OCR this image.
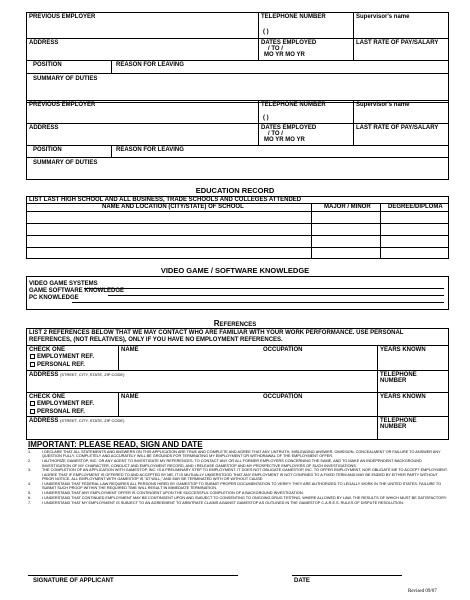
PREVIOUS EMPLOYER	TELEPHONE NUMBER
( )
Supervisor's name
ADDRESS	DATES EMPLOYED
/ TO /
MO YR MO YR
LAST RATE OF PAY/SALARY
POSITION	REASON FOR LEAVING
SUMMARY OF DUTIES
PREVIOUS EMPLOYER	TELEPHONE NUMBER
( )
Supervisor's name
ADDRESS	DATES EMPLOYED
/ TO /
MO YR MO YR
LAST RATE OF PAY/SALARY
POSITION	REASON FOR LEAVING
SUMMARY OF DUTIES
EDUCATION RECORD
LIST LAST HIGH SCHOOL AND ALL BUSINESS, TRADE SCHOOLS AND COLLEGES ATTENDED
NAME AND LOCATION (CITY/STATE) OF SCHOOL	MAJOR / MINOR	DEGREE/DIPLOMA
VIDEO GAME / SOFTWARE KNOWLEDGE
VIDEO GAME SYSTEMS
GAME SOFTWARE KNOWLEDGE
PC KNOWLEDGE
References
LIST 2 REFERENCES BELOW THAT WE MAY CONTACT WHO ARE FAMILIAR WITH YOUR WORK PERFORMANCE. USE PERSONAL REFERENCES, (NOT RELATIVES), ONLY IF YOU HAVE NO EMPLOYMENT REFERENCES.
CHECK ONE
EMPLOYMENT REF.
PERSONAL REF.
NAME	OCCUPATION	YEARS KNOWN
ADDRESS (STREET, CITY, STATE, ZIP CODE)	TELEPHONE
NUMBER
CHECK ONE
EMPLOYMENT REF.
PERSONAL REF.
NAME	OCCUPATION	YEARS KNOWN
ADDRESS (STREET, CITY, STATE, ZIP CODE)	TELEPHONE
NUMBER
IMPORTANT: PLEASE READ, SIGN AND DATE
1.	I DECLARE THAT ALL STATEMENTS AND ANSWERS ON THIS APPLICATION ARE TRUE AND COMPLETE AND AGREE THAT ANY UNTRUTH, MISLEADING ANSWER, OMISSION, CONCEALMENT OR FAILURE TO ANSWER ANY QUESTION FULLY, COMPLETELY AND ACCURATELY WILL BE GROUNDS FOR TERMINATING MY EMPLOYMENT OR WITHDRAWAL OF THE EMPLOYMENT OFFER.
2.	I AUTHORIZE GAMESTOP, INC. OR ANY AGENT TO INVESTIGATE MY REFERENCES, TO CONTACT ANY OR ALL FORMER EMPLOYERS CONCERNING THE SAME, AND TO MAKE AN INDEPENDENT BACKGROUND INVESTIGATION OF MY CHARACTER, CONDUCT AND EMPLOYMENT RECORD, AND I RELEASE GAMESTOP AND MY PROSPECTIVE EMPLOYERS OF SUCH INVESTIGATIONS.
3.	THE COMPLETION OF AN APPLICATION WITH GAMESTOP, INC. IS A PRELIMINARY STEP TO EMPLOYMENT. IT DOES NOT OBLIGATE GAMESTOP, INC. TO OFFER EMPLOYMENT, NOR OBLIGATE ME TO ACCEPT EMPLOYMENT. I AGREE THAT IF EMPLOYMENT IS OFFERED TO AND ACCEPTED BY ME, IT IS MUTUALLY UNDERSTOOD THAT ANY EMPLOYMENT IS NOT CONFINED TO A FIXED TERM AND MAY BE ENDED BY EITHER PARTY WITHOUT PRIOR NOTICE. ALL EMPLOYMENT WITH GAMESTOP IS "AT WILL," AND MAY BE TERMINATED WITH OR WITHOUT CAUSE.
4.	I UNDERSTAND THAT FEDERAL LAW REQUIRES ALL PERSONS HIRED BY GAMESTOP TO SUBMIT PROPER DOCUMENTATION TO VERIFY THEY ARE AUTHORIZED TO LEGALLY WORK IN THE UNITED STATES. FAILURE TO SUBMIT SUCH PROOF WITHIN THE REQUIRED TIME WILL RESULT IN IMMEDIATE TERMINATION.
5.	I UNDERSTAND THAT ANY EMPLOYMENT OFFER IS CONTINGENT UPON THE SUCCESSFUL COMPLETION OF A BACKGROUND INVESTIGATION.
6.	I UNDERSTAND THAT CONTINUED EMPLOYMENT MAY BE CONTINGENT UPON AND SUBJECT TO CONSENTING TO ONGOING DRUG TESTING, WHERE ALLOWED BY LAW, THE RESULTS OF WHICH MUST BE SATISFACTORY.
7.	I UNDERSTAND THAT MY EMPLOYMENT IS SUBJECT TO AN AGREEMENT TO ARBITRATE CLAIMS AGAINST GAMESTOP AS OUTLINED IN THE GAMESTOP C.A.R.E.S. RULES OF DISPUTE RESOLUTION.
SIGNATURE OF APPLICANT	DATE
Revised 09/07
